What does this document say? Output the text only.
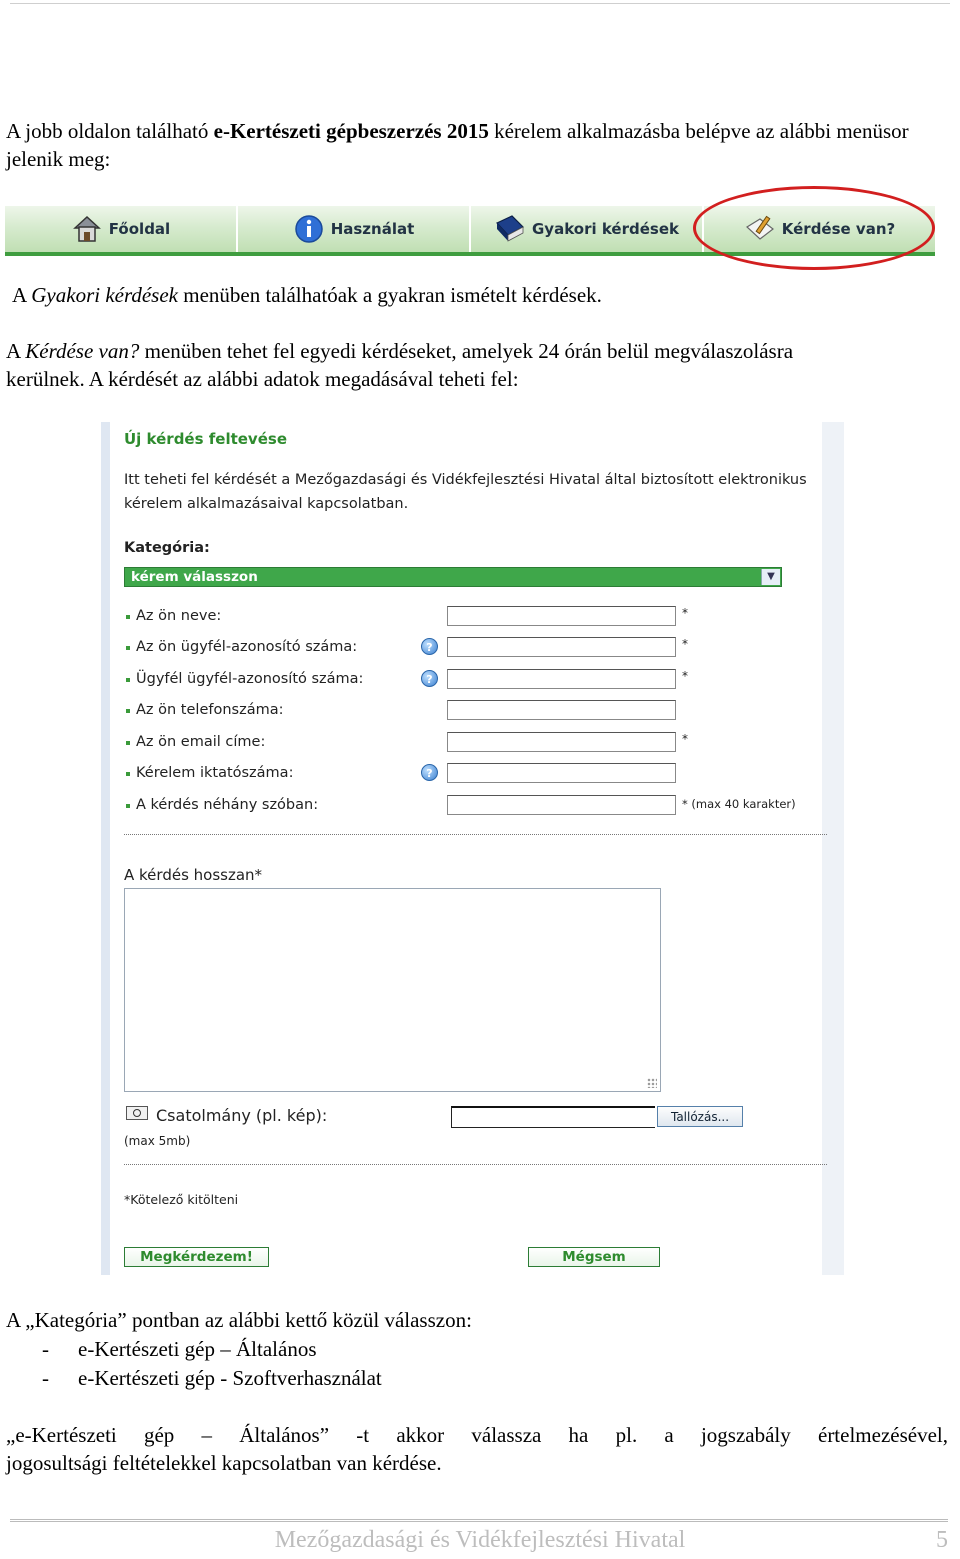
A jobb oldalon található e-Kertészeti gépbeszerzés 2015 kérelem alkalmazásba belépve az alábbi menüsor jelenik meg:
Főoldal	Használat	Gyakori kérdések	Kérdése van?
A Gyakori kérdések menüben találhatóak a gyakran ismételt kérdések.
A Kérdése van? menüben tehet fel egyedi kérdéseket, amelyek 24 órán belül megválaszolásra
kerülnek. A kérdését az alábbi adatok megadásával teheti fel:
Új kérdés feltevése
Itt teheti fel kérdését a Mezőgazdasági és Vidékfejlesztési Hivatal által biztosított elektronikus kérelem alkalmazásaival kapcsolatban.
Kategória:
kérem válasszon	▼
Az ön neve:	*
Az ön ügyfél-azonosító száma:	?	*
Ügyfél ügyfél-azonosító száma:	?	*
Az ön telefonszáma:
Az ön email címe:	*
Kérelem iktatószáma:	?
A kérdés néhány szóban:	* (max 40 karakter)
A kérdés hosszan*
Csatolmány (pl. kép):
(max 5mb)
Tallózás...
*Kötelező kitölteni
Megkérdezem!	Mégsem
A „Kategória” pontban az alábbi kettő közül válasszon:
- e-Kertészeti gép – Általános
- e-Kertészeti gép - Szoftverhasználat
„e-Kertészeti gép – Általános” -t akkor válassza ha pl. a jogszabály értelmezésével,
jogosultsági feltételekkel kapcsolatban van kérdése.
Mezőgazdasági és Vidékfejlesztési Hivatal	5
